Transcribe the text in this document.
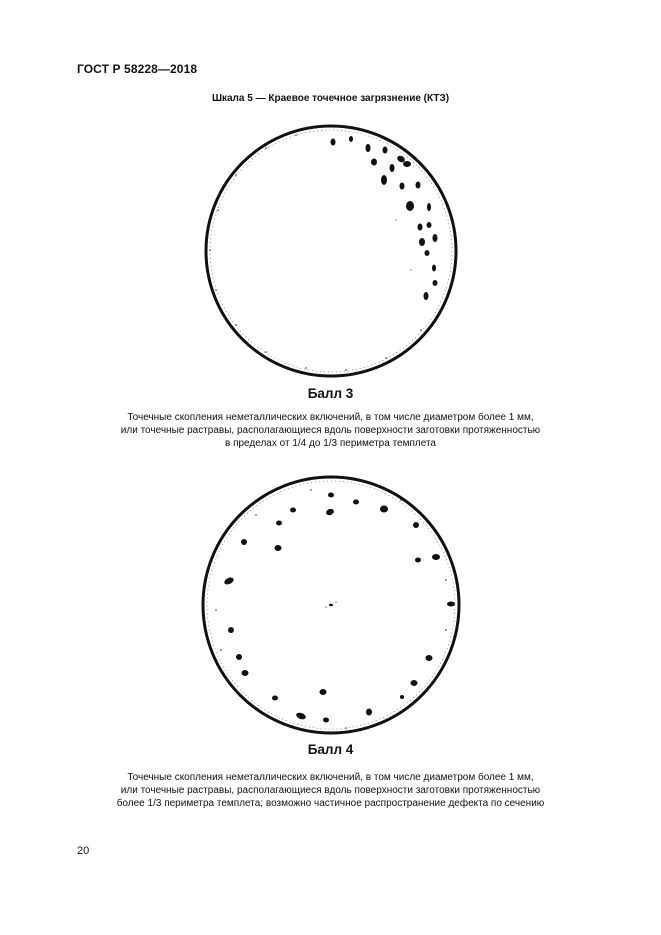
ГОСТ Р 58228—2018
Шкала 5 — Краевое точечное загрязнение (КТЗ)
Балл 3
Точечные скопления неметаллических включений, в том числе диаметром более 1 мм,
или точечные растравы, располагающиеся вдоль поверхности заготовки протяженностью
в пределах от 1/4 до 1/3 периметра темплета
Балл 4
Точечные скопления неметаллических включений, в том числе диаметром более 1 мм,
или точечные растравы, располагающиеся вдоль поверхности заготовки протяженностью
более 1/3 периметра темплета; возможно частичное распространение дефекта по сечению
20
